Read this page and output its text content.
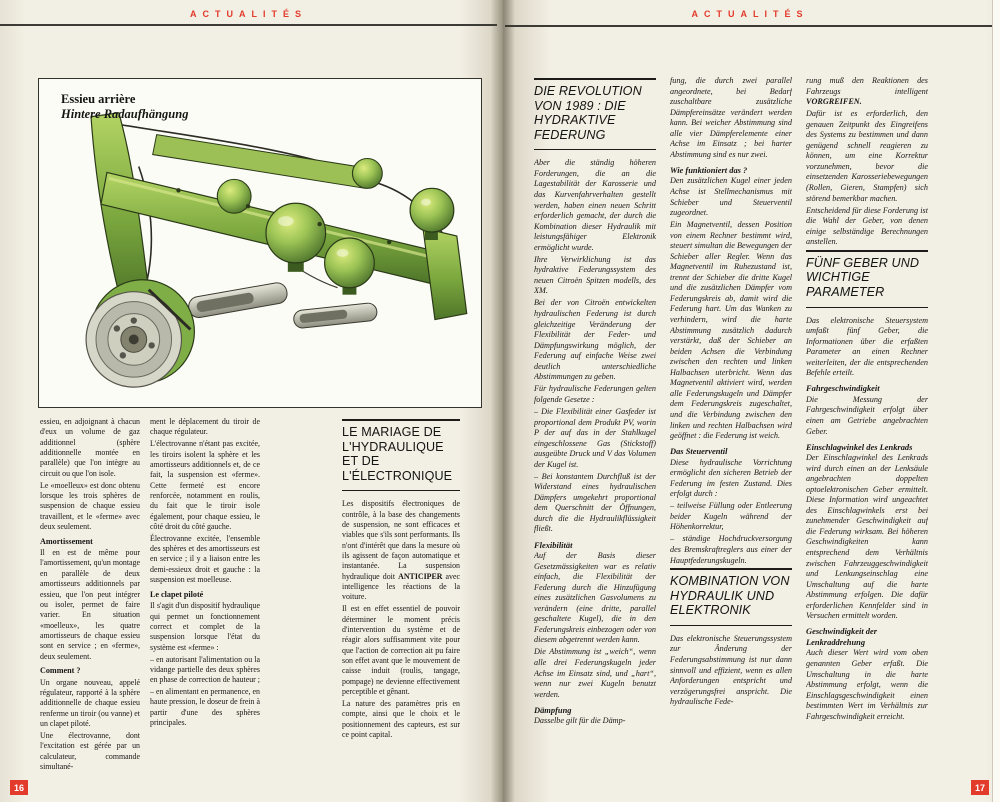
ACTUALITÉS	ACTUALITÉS
Essieu arrière
Hintere Radaufhängung

essieu, en adjoignant à chacun d'eux un volume de gaz additionnel (sphère additionnelle montée en parallèle) que l'on intègre au circuit ou que l'on isole.

Le «moelleux» est donc obtenu lorsque les trois sphères de suspension de chaque essieu travaillent, et le «ferme» avec deux seulement.

Amortissement

Il en est de même pour l'amortissement, qu'un montage en parallèle de deux amortisseurs additionnels par essieu, que l'on peut intégrer ou isoler, permet de faire varier. En situation «moelleux», les quatre amortisseurs de chaque essieu sont en service ; en «ferme», deux seulement.

Comment ?

Un organe nouveau, appelé régulateur, rapporté à la sphère additionnelle de chaque essieu renferme un tiroir (ou vanne) et un clapet piloté.

Une électrovanne, dont l'excitation est gérée par un calculateur, commande simultané-

ment le déplacement du tiroir de chaque régulateur.

L'électrovanne n'étant pas excitée, les tiroirs isolent la sphère et les amortisseurs additionnels et, de ce fait, la suspension est «ferme». Cette fermeté est encore renforcée, notamment en roulis, du fait que le tiroir isole également, pour chaque essieu, le côté droit du côté gauche.

Électrovanne excitée, l'ensemble des sphères et des amortisseurs est en service ; il y a liaison entre les demi-essieux droit et gauche : la suspension est moelleuse.

Le clapet piloté

Il s'agit d'un dispositif hydraulique qui permet un fonctionnement correct et complet de la suspension lorsque l'état du système est «ferme» :

– en autorisant l'alimentation ou la vidange partielle des deux sphères en phase de correction de hauteur ;

– en alimentant en permanence, en haute pression, le doseur de frein à partir d'une des sphères principales.

LE MARIAGE DE L'HYDRAULIQUE ET DE L'ÉLECTRONIQUE

Les dispositifs électroniques de contrôle, à la base des changements de suspension, ne sont efficaces et viables que s'ils sont performants. Ils n'ont d'intérêt que dans la mesure où ils agissent de façon automatique et instantanée. La suspension hydraulique doit ANTICIPER avec intelligence les réactions de la voiture.

Il est en effet essentiel de pouvoir déterminer le moment précis d'intervention du système et de réagir alors suffisamment vite pour que l'action de correction ait pu faire son effet avant que le mouvement de caisse induit (roulis, tangage, pompage) ne devienne effectivement perceptible et gênant.

La nature des paramètres pris en compte, ainsi que le choix et le positionnement des capteurs, est sur ce point capital.

DIE REVOLUTION VON 1989 : DIE HYDRAKTIVE FEDERUNG

Aber die ständig höheren Forderungen, die an die Lagestabilität der Karosserie und das Kurvenfahrverhalten gestellt werden, haben einen neuen Schritt erforderlich gemacht, der durch die Kombination dieser Hydraulik mit leistungsfähiger Elektronik ermöglicht wurde.

Ihre Verwirklichung ist das hydraktive Federungssystem des neuen Citroën Spitzen modells, des XM.

Bei der von Citroën entwickelten hydraulischen Federung ist durch gleichzeitige Veränderung der Flexibilität der Feder- und Dämpfungswirkung möglich, der Federung auf einfache Weise zwei deutlich unterschiedliche Abstimmungen zu geben.

Für hydraulische Federungen gelten folgende Gesetze :

– Die Flexibilität einer Gasfeder ist proportional dem Produkt PV, worin P der auf das in der Stahlkugel eingeschlossene Gas (Stickstoff) ausgeübte Druck und V das Volumen der Kugel ist.

– Bei konstantem Durchfluß ist der Widerstand eines hydraulischen Dämpfers umgekehrt proportional dem Querschnitt der Öffnungen, durch die die Hydraulikflüssigkeit fließt.

Flexibilität

Auf der Basis dieser Gesetzmässigkeiten war es relativ einfach, die Flexibilität der Federung durch die Hinzufügung eines zusätzlichen Gasvolumens zu verändern (eine dritte, parallel geschaltete Kugel), die in den Federungskreis einbezogen oder von diesem abgetrennt werden kann.

Die Abstimmung ist „weich“, wenn alle drei Federungskugeln jeder Achse im Einsatz sind, und „hart“, wenn nur zwei Kugeln benutzt werden.

Dämpfung

Dasselbe gilt für die Dämp-

fung, die durch zwei parallel angeordnete, bei Bedarf zuschaltbare zusätzliche Dämpfereinsätze verändert werden kann. Bei weicher Abstimmung sind alle vier Dämpferelemente einer Achse im Einsatz ; bei harter Abstimmung sind es nur zwei.

Wie funktioniert das ?

Den zusätzlichen Kugel einer jeden Achse ist Stellmechanismus mit Schieber und Steuerventil zugeordnet.

Ein Magnetventil, dessen Position von einem Rechner bestimmt wird, steuert simultan die Bewegungen der Schieber aller Regler. Wenn das Magnetventil im Ruhezustand ist, trennt der Schieber die dritte Kugel und die zusätzlichen Dämpfer vom Federungskreis ab, damit wird die Federung hart. Um das Wanken zu verhindern, wird die harte Abstimmung zusätzlich dadurch verstärkt, daß der Schieber an beiden Achsen die Verbindung zwischen den rechten und linken Halbachsen uterbricht. Wenn das Magnetventil aktiviert wird, werden alle Federungskugeln und Dämpfer dem Federungskreis zugeschaltet, und die Verbindung zwischen den linken und rechten Halbachsen wird geöffnet : die Federung ist weich.

Das Steuerventil

Diese hydraulische Vorrichtung ermöglicht den sicheren Betrieb der Federung im festen Zustand. Dies erfolgt durch :

– teilweise Füllung oder Entleerung beider Kugeln während der Höhenkorrektur,

– ständige Hochdruckversorgung des Bremskraftreglers aus einer der Hauptfederungskugeln.

KOMBINATION VON HYDRAULIK UND ELEKTRONIK

Das elektronische Steuerungssystem zur Änderung der Federungsabstimmung ist nur dann sinnvoll und effizient, wenn es allen Anforderungen entspricht und verzögerungsfrei anspricht. Die hydraulische Fede-

rung muß den Reaktionen des Fahrzeugs intelligent VORGREIFEN.

Dafür ist es erforderlich, den genauen Zeitpunkt des Eingreifens des Systems zu bestimmen und dann genügend schnell reagieren zu können, um eine Korrektur vorzunehmen, bevor die einsetzenden Karosseriebewegungen (Rollen, Gieren, Stampfen) sich störend bemerkbar machen.

Entscheidend für diese Forderung ist die Wahl der Geber, von denen einige selbständige Berechnungen anstellen.

FÜNF GEBER UND WICHTIGE PARAMETER

Das elektronische Steuersystem umfaßt fünf Geber, die Informationen über die erfaßten Parameter an einen Rechner weiterleiten, der die entsprechenden Befehle erteilt.

Fahrgeschwindigkeit

Die Messung der Fahrgeschwindigkeit erfolgt über einen am Getriebe angebrachten Geber.

Einschlagwinkel des Lenkrads

Der Einschlagwinkel des Lenkrads wird durch einen an der Lenksäule angebrachten doppelten optoelektronischen Geber ermittelt. Diese Information wird ungeachtet des Einschlagwinkels erst bei zunehmender Geschwindigkeit auf die Federung wirksam. Bei höheren Geschwindigkeiten kann entsprechend dem Verhältnis zwischen Fahrzeuggeschwindigkeit und Lenkungseinschlag eine Umschaltung auf die harte Abstimmung erfolgen. Die dafür erforderlichen Kennfelder sind in Versuchen ermittelt worden.

Geschwindigkeit der Lenkraddrehung

Auch dieser Wert wird vom oben genannten Geber erfaßt. Die Umschaltung in die harte Abstimmung erfolgt, wenn die Einschlagsgeschwindigkeit einen bestimmten Wert im Verhältnis zur Fahrgeschwindigkeit erreicht.

16	17
